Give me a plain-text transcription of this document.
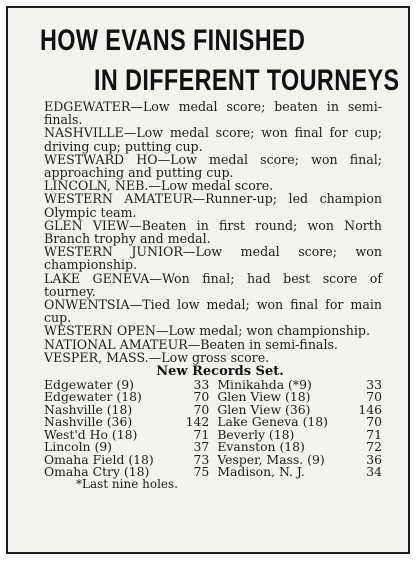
HOW EVANS FINISHED
IN DIFFERENT TOURNEYS

EDGEWATER—Low medal score; beaten in semi-finals.

NASHVILLE—Low medal score; won final for cup; driving cup; putting cup.

WESTWARD HO—Low medal score; won final; approaching and putting cup.

LINCOLN, NEB.—Low medal score.

WESTERN AMATEUR—Runner-up; led champion Olympic team.

GLEN VIEW—Beaten in first round; won North Branch trophy and medal.

WESTERN JUNIOR—Low medal score; won championship.

LAKE GENEVA—Won final; had best score of tourney.

ONWENTSIA—Tied low medal; won final for main cup.

WESTERN OPEN—Low medal; won championship.

NATIONAL AMATEUR—Beaten in semi-finals.

VESPER, MASS.—Low gross score.

New Records Set.
Edgewater (9)	33	Minikahda (*9)	33
Edgewater (18)	70	Glen View (18)	70
Nashville (18)	70	Glen View (36)	146
Nashville (36)	142	Lake Geneva (18)	70
West'd Ho (18)	71	Beverly (18)	71
Lincoln (9)	37	Evanston (18)	72
Omaha Field (18)	73	Vesper, Mass. (9)	36
Omaha Ctry (18)	75	Madison, N. J.	34
*Last nine holes.
